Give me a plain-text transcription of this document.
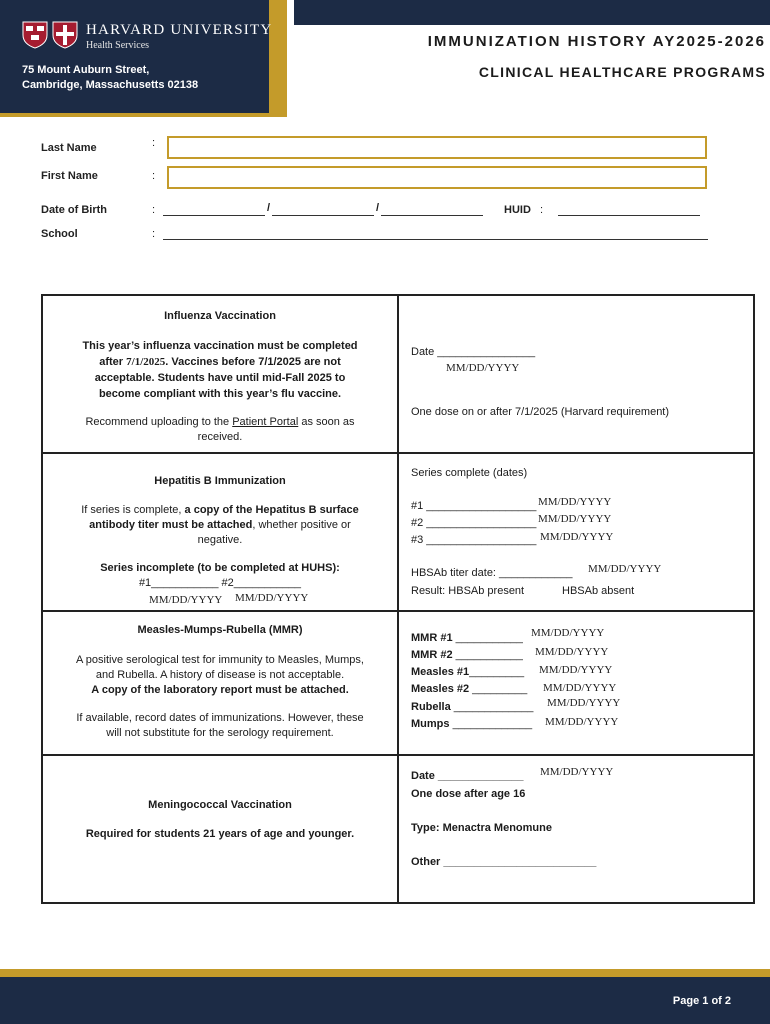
HARVARD UNIVERSITY
Health Services
75 Mount Auburn Street,
Cambridge, Massachusetts 02138
IMMUNIZATION HISTORY AY2025-2026
CLINICAL HEALTHCARE PROGRAMS
Last Name	:
First Name	:
Date of Birth	:	/	/	HUID :
School	:
Influenza Vaccination
This year’s influenza vaccination must be completed
after 7/1/2025. Vaccines before 7/1/2025 are not
acceptable. Students have until mid-Fall 2025 to
become compliant with this year’s flu vaccine.
Recommend uploading to the Patient Portal as soon as
received.
Date ________________
MM/DD/YYYY
One dose on or after 7/1/2025 (Harvard requirement)
Hepatitis B Immunization
If series is complete, a copy of the Hepatitus B surface
antibody titer must be attached, whether positive or
negative.
Series incomplete (to be completed at HUHS):
#1___________ #2___________
MM/DD/YYYY MM/DD/YYYY
Series complete (dates)
#1 __________________ MM/DD/YYYY
#2 __________________ MM/DD/YYYY
#3 __________________ MM/DD/YYYY
HBSAb titer date: ____________ MM/DD/YYYY
Result: HBSAb present	HBSAb absent
Measles-Mumps-Rubella (MMR)
A positive serological test for immunity to Measles, Mumps,
and Rubella. A history of disease is not acceptable.
A copy of the laboratory report must be attached.
If available, record dates of immunizations. However, these
will not substitute for the serology requirement.
MMR #1 ___________ MM/DD/YYYY
MMR #2 ___________ MM/DD/YYYY
Measles #1_________ MM/DD/YYYY
Measles #2 _________ MM/DD/YYYY
Rubella _____________ MM/DD/YYYY
Mumps _____________ MM/DD/YYYY
Meningococcal Vaccination
Required for students 21 years of age and younger.
Date ______________ MM/DD/YYYY
One dose after age 16
Type: Menactra Menomune
Other _________________________
Page 1 of 2
